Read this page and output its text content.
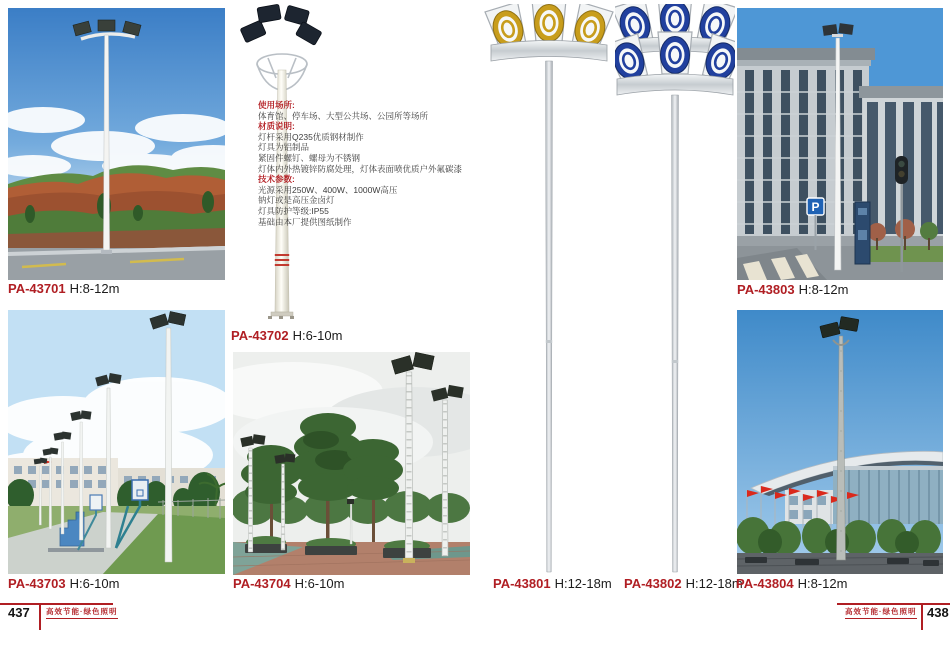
PA-43701 H:8-12m
PA-43702 H:6-10m
使用场所:
体育馆、停车场、大型公共场、公园所等场所
材质说明:
灯杆采用Q235优质钢材制作
灯具为铝制品
紧固件螺钉、螺母为不锈钢
灯体内外热镀锌防腐处理，灯体表面喷优质户外氟碳漆
技术参数:
光源采用250W、400W、1000W高压
钠灯或是高压金卤灯
灯具防护等级:IP55
基础由本厂提供图纸制作
PA-43703 H:6-10m	PA-43704 H:6-10m	PA-43801 H:12-18m PA-43802 H:12-18m
P
PA-43803 H:8-12m
PA-43804 H:8-12m
437 高效节能·绿色照明	高效节能·绿色照明 438
